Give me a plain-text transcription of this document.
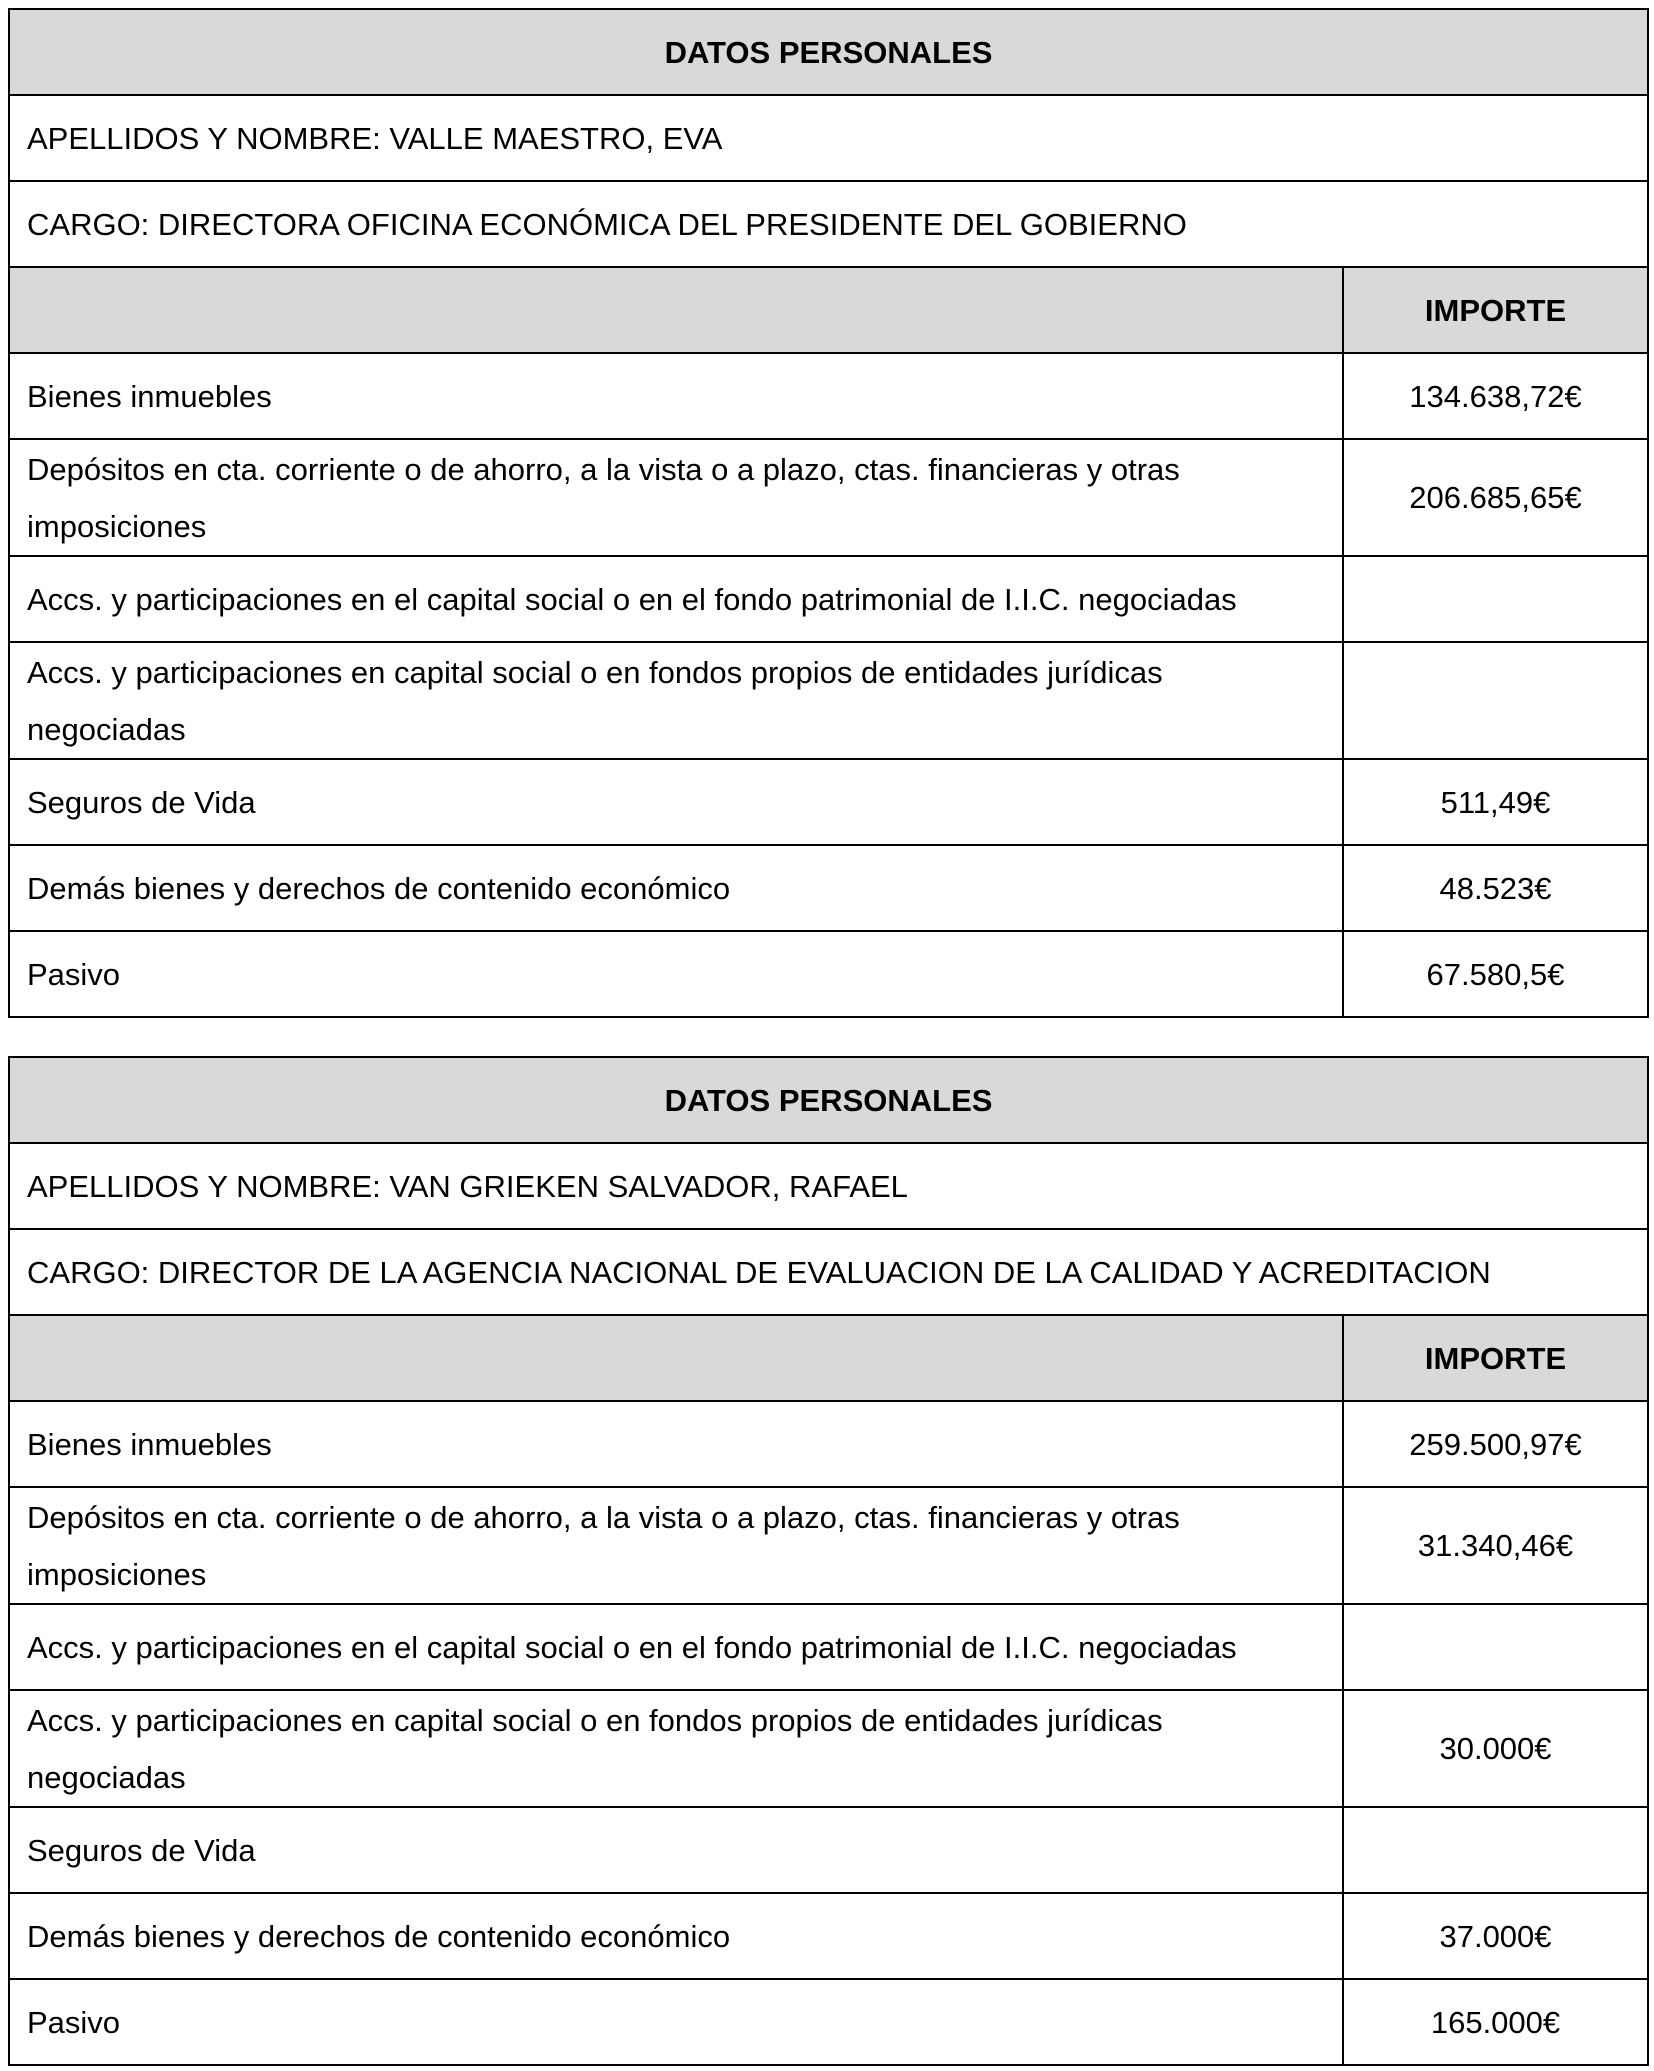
DATOS PERSONALES	
APELLIDOS Y NOMBRE: VALLE MAESTRO, EVA	
CARGO: DIRECTORA OFICINA ECONÓMICA DEL PRESIDENTE DEL GOBIERNO	
	IMPORTE
Bienes inmuebles	134.638,72€
Depósitos en cta. corriente o de ahorro, a la vista o a plazo, ctas. financieras y otras imposiciones	206.685,65€
Accs. y participaciones en el capital social o en el fondo patrimonial de I.I.C. negociadas	
Accs. y participaciones en capital social o en fondos propios de entidades jurídicas negociadas	
Seguros de Vida	511,49€
Demás bienes y derechos de contenido económico	48.523€
Pasivo	67.580,5€
DATOS PERSONALES	
APELLIDOS Y NOMBRE: VAN GRIEKEN SALVADOR, RAFAEL	
CARGO: DIRECTOR DE LA AGENCIA NACIONAL DE EVALUACION DE LA CALIDAD Y ACREDITACION	
	IMPORTE
Bienes inmuebles	259.500,97€
Depósitos en cta. corriente o de ahorro, a la vista o a plazo, ctas. financieras y otras imposiciones	31.340,46€
Accs. y participaciones en el capital social o en el fondo patrimonial de I.I.C. negociadas	
Accs. y participaciones en capital social o en fondos propios de entidades jurídicas negociadas	30.000€
Seguros de Vida	
Demás bienes y derechos de contenido económico	37.000€
Pasivo	165.000€
